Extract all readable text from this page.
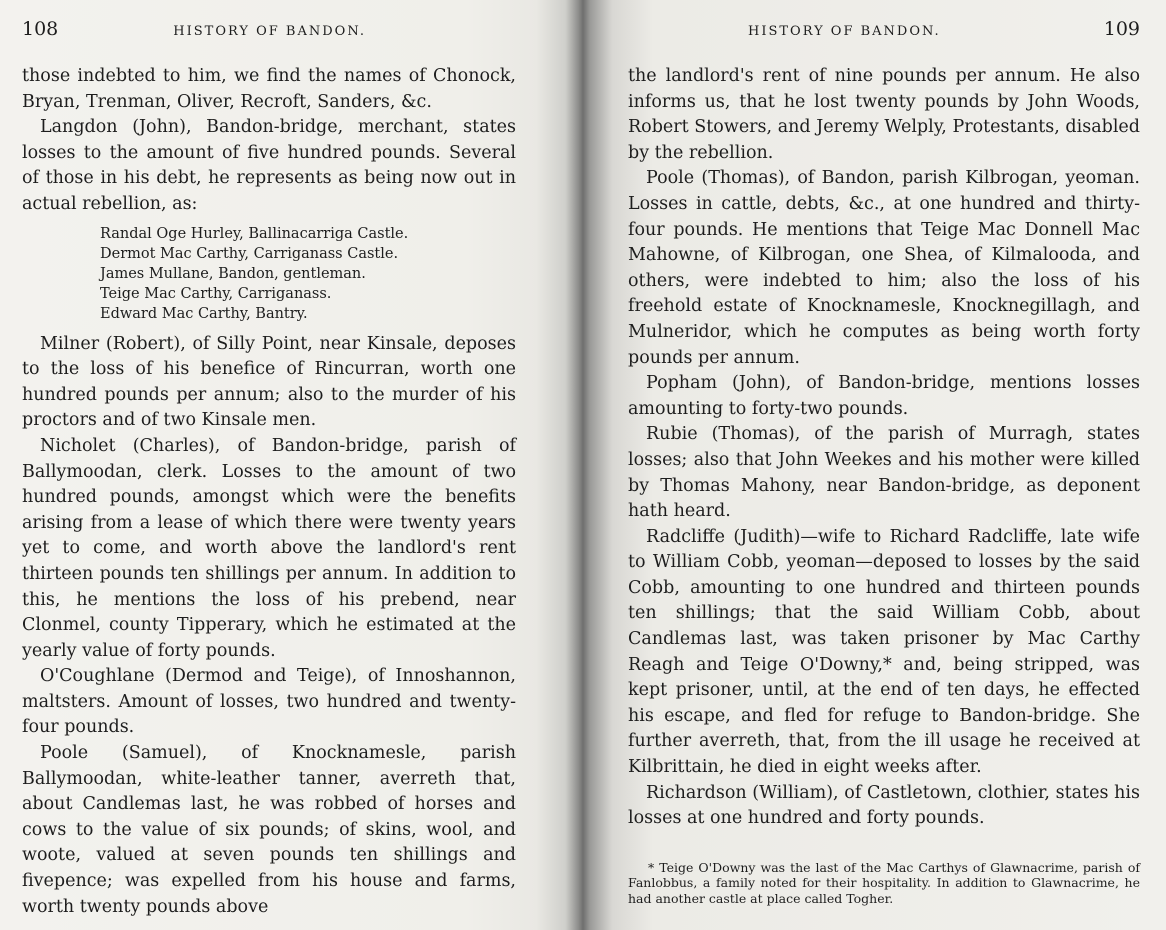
108	HISTORY OF BANDON.

those indebted to him, we find the names of Chonock, Bryan, Trenman, Oliver, Recroft, Sanders, &c.

Langdon (John), Bandon-bridge, merchant, states losses to the amount of five hundred pounds. Several of those in his debt, he represents as being now out in actual rebellion, as:

Randal Oge Hurley, Ballinacarriga Castle.
Dermot Mac Carthy, Carriganass Castle.
James Mullane, Bandon, gentleman.
Teige Mac Carthy, Carriganass.
Edward Mac Carthy, Bantry.

Milner (Robert), of Silly Point, near Kinsale, deposes to the loss of his benefice of Rincurran, worth one hundred pounds per annum; also to the murder of his proctors and of two Kinsale men.

Nicholet (Charles), of Bandon-bridge, parish of Ballymoodan, clerk. Losses to the amount of two hundred pounds, amongst which were the benefits arising from a lease of which there were twenty years yet to come, and worth above the landlord's rent thirteen pounds ten shillings per annum. In addition to this, he mentions the loss of his prebend, near Clonmel, county Tipperary, which he estimated at the yearly value of forty pounds.

O'Coughlane (Dermod and Teige), of Innoshannon, maltsters. Amount of losses, two hundred and twenty-four pounds.

Poole (Samuel), of Knocknamesle, parish Ballymoodan, white-leather tanner, averreth that, about Candlemas last, he was robbed of horses and cows to the value of six pounds; of skins, wool, and woote, valued at seven pounds ten shillings and fivepence; was expelled from his house and farms, worth twenty pounds above

HISTORY OF BANDON.	109

the landlord's rent of nine pounds per annum. He also informs us, that he lost twenty pounds by John Woods, Robert Stowers, and Jeremy Welply, Protestants, disabled by the rebellion.

Poole (Thomas), of Bandon, parish Kilbrogan, yeoman. Losses in cattle, debts, &c., at one hundred and thirty-four pounds. He mentions that Teige Mac Donnell Mac Mahowne, of Kilbrogan, one Shea, of Kilmalooda, and others, were indebted to him; also the loss of his freehold estate of Knocknamesle, Knocknegillagh, and Mulneridor, which he computes as being worth forty pounds per annum.

Popham (John), of Bandon-bridge, mentions losses amounting to forty-two pounds.

Rubie (Thomas), of the parish of Murragh, states losses; also that John Weekes and his mother were killed by Thomas Mahony, near Bandon-bridge, as deponent hath heard.

Radcliffe (Judith)—wife to Richard Radcliffe, late wife to William Cobb, yeoman—deposed to losses by the said Cobb, amounting to one hundred and thirteen pounds ten shillings; that the said William Cobb, about Candlemas last, was taken prisoner by Mac Carthy Reagh and Teige O'Downy,* and, being stripped, was kept prisoner, until, at the end of ten days, he effected his escape, and fled for refuge to Bandon-bridge. She further averreth, that, from the ill usage he received at Kilbrittain, he died in eight weeks after.

Richardson (William), of Castletown, clothier, states his losses at one hundred and forty pounds.

* Teige O'Downy was the last of the Mac Carthys of Glawnacrime, parish of Fanlobbus, a family noted for their hospitality. In addition to Glawnacrime, he had another castle at place called Togher.
